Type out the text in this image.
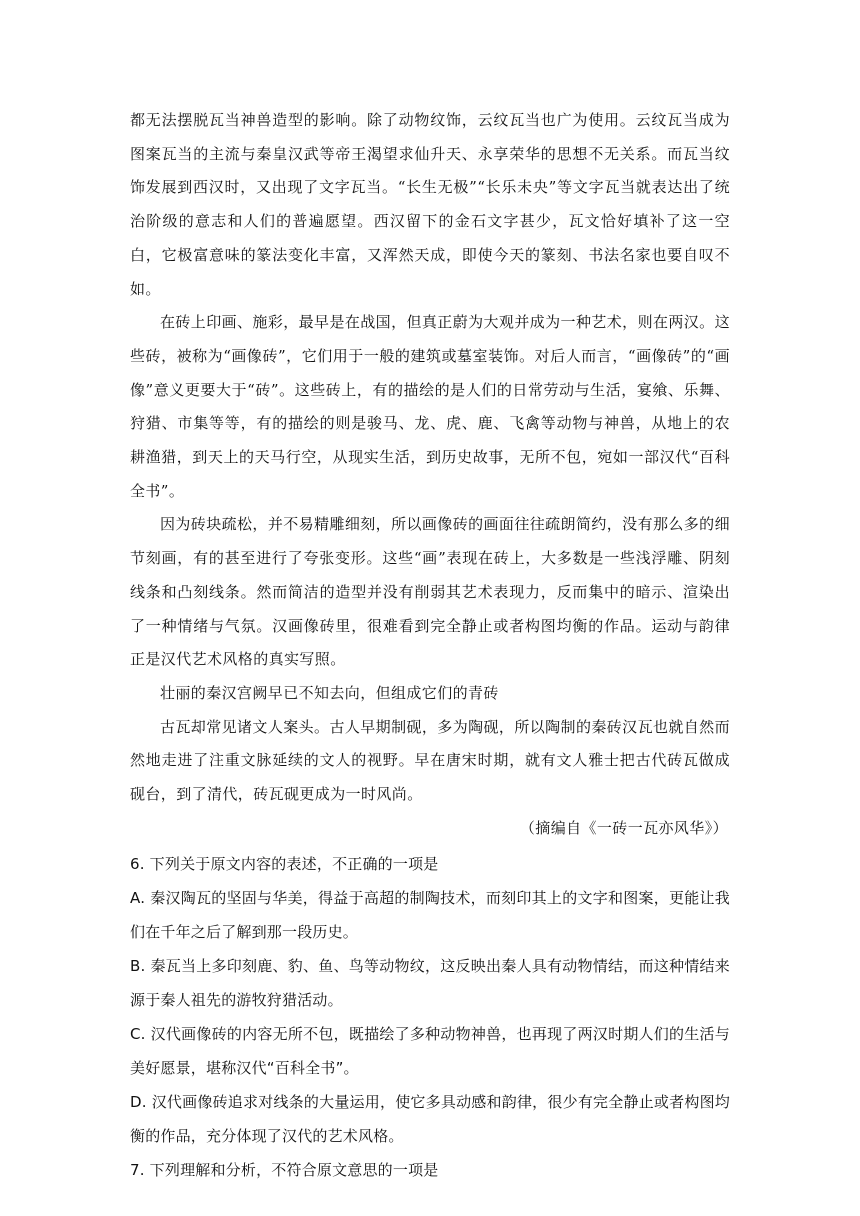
都无法摆脱瓦当神兽造型的影响。除了动物纹饰，云纹瓦当也广为使用。云纹瓦当成为图案瓦当的主流与秦皇汉武等帝王渴望求仙升天、永享荣华的思想不无关系。而瓦当纹饰发展到西汉时，又出现了文字瓦当。“长生无极”“长乐未央”等文字瓦当就表达出了统治阶级的意志和人们的普遍愿望。西汉留下的金石文字甚少，瓦文恰好填补了这一空白，它极富意味的篆法变化丰富，又浑然天成，即使今天的篆刻、书法名家也要自叹不如。

在砖上印画、施彩，最早是在战国，但真正蔚为大观并成为一种艺术，则在两汉。这些砖，被称为“画像砖”，它们用于一般的建筑或墓室装饰。对后人而言，“画像砖”的“画像”意义更要大于“砖”。这些砖上，有的描绘的是人们的日常劳动与生活，宴飨、乐舞、狩猎、市集等等，有的描绘的则是骏马、龙、虎、鹿、飞禽等动物与神兽，从地上的农耕渔猎，到天上的天马行空，从现实生活，到历史故事，无所不包，宛如一部汉代“百科全书”。

因为砖块疏松，并不易精雕细刻，所以画像砖的画面往往疏朗简约，没有那么多的细节刻画，有的甚至进行了夸张变形。这些“画”表现在砖上，大多数是一些浅浮雕、阴刻线条和凸刻线条。然而简洁的造型并没有削弱其艺术表现力，反而集中的暗示、渲染出了一种情绪与气氛。汉画像砖里，很难看到完全静止或者构图均衡的作品。运动与韵律正是汉代艺术风格的真实写照。

壮丽的秦汉宫阙早已不知去向，但组成它们的青砖

古瓦却常见诸文人案头。古人早期制砚，多为陶砚，所以陶制的秦砖汉瓦也就自然而然地走进了注重文脉延续的文人的视野。早在唐宋时期，就有文人雅士把古代砖瓦做成砚台，到了清代，砖瓦砚更成为一时风尚。

（摘编自《一砖一瓦亦风华》）

6. 下列关于原文内容的表述，不正确的一项是

A. 秦汉陶瓦的坚固与华美，得益于高超的制陶技术，而刻印其上的文字和图案，更能让我们在千年之后了解到那一段历史。

B. 秦瓦当上多印刻鹿、豹、鱼、鸟等动物纹，这反映出秦人具有动物情结，而这种情结来源于秦人祖先的游牧狩猎活动。

C. 汉代画像砖的内容无所不包，既描绘了多种动物神兽，也再现了两汉时期人们的生活与美好愿景，堪称汉代“百科全书”。

D. 汉代画像砖追求对线条的大量运用，使它多具动感和韵律，很少有完全静止或者构图均衡的作品，充分体现了汉代的艺术风格。

7. 下列理解和分析，不符合原文意思的一项是
